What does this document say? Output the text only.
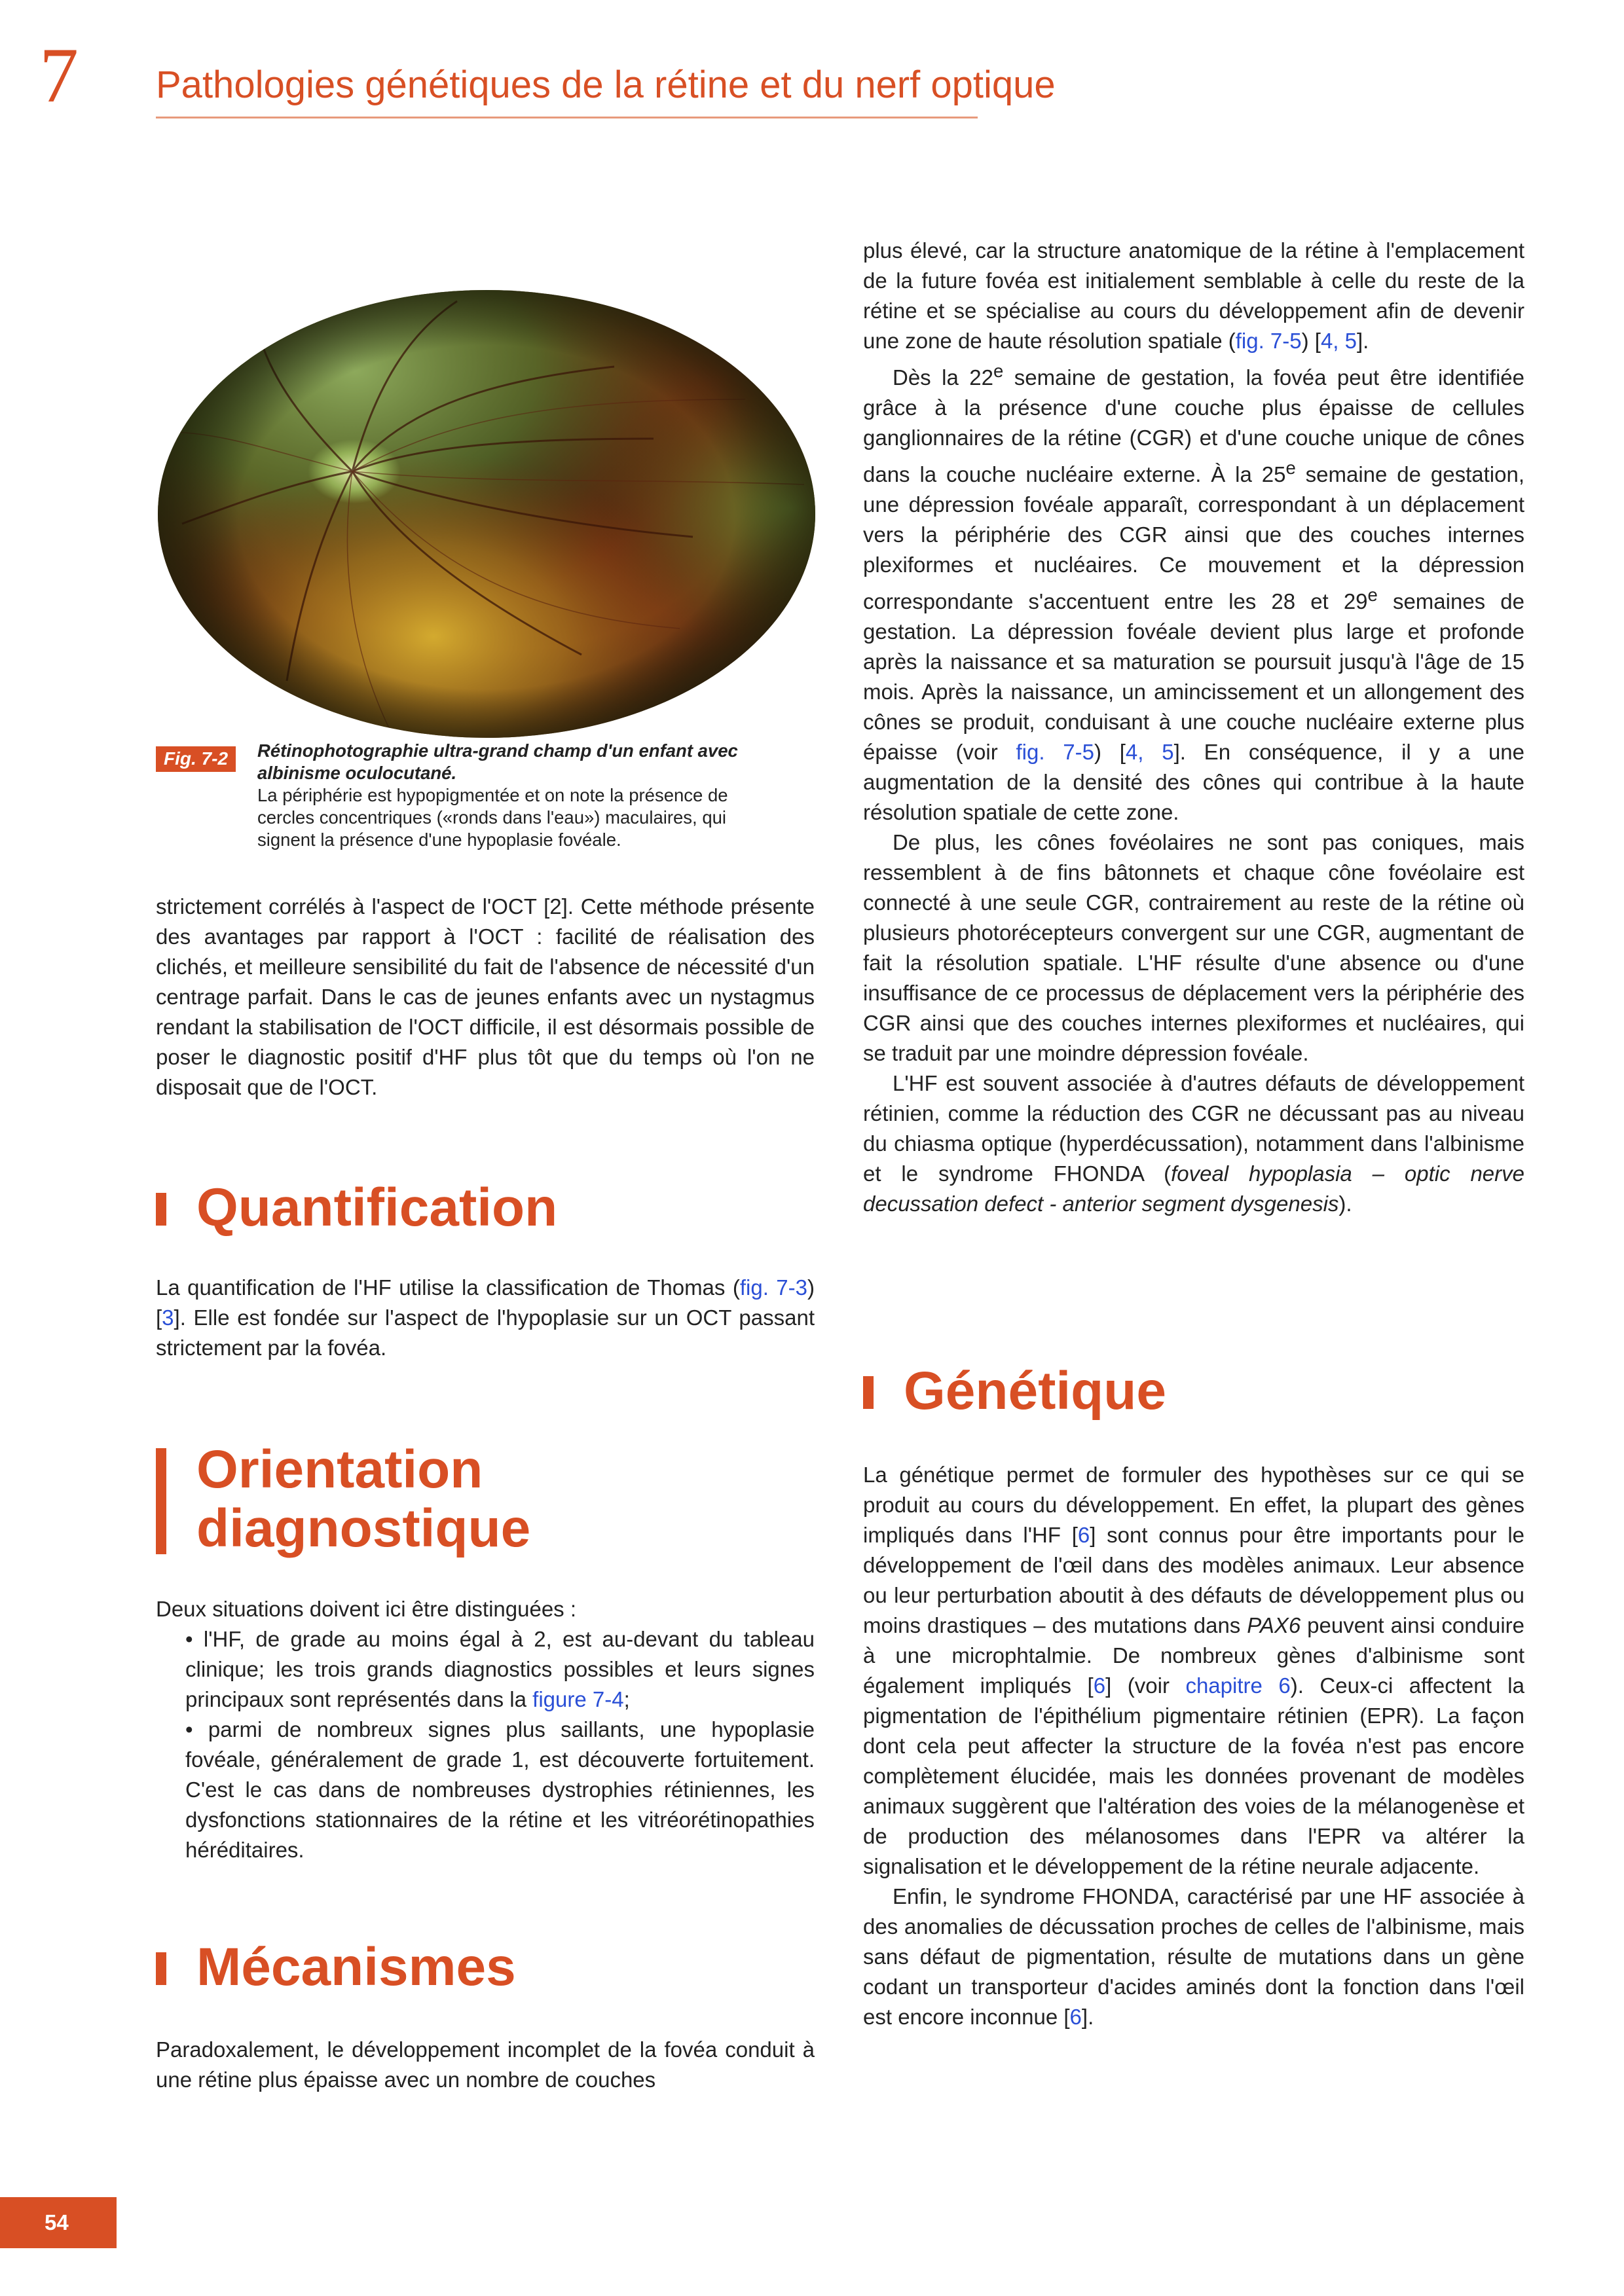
7 Pathologies génétiques de la rétine et du nerf optique
Fig. 7-2	Rétinophotographie ultra-grand champ d'un enfant avec albinisme oculocutané.
La périphérie est hypopigmentée et on note la présence de
cercles concentriques («ronds dans l'eau») maculaires, qui
signent la présence d'une hypoplasie fovéale.

strictement corrélés à l'aspect de l'OCT [2]. Cette méthode présente des avantages par rapport à l'OCT : facilité de réalisation des clichés, et meilleure sensibilité du fait de l'absence de nécessité d'un centrage parfait. Dans le cas de jeunes enfants avec un nystagmus rendant la stabilisation de l'OCT difficile, il est désormais possible de poser le diagnostic positif d'HF plus tôt que du temps où l'on ne disposait que de l'OCT.

Quantification

La quantification de l'HF utilise la classification de Thomas (fig. 7-3) [3]. Elle est fondée sur l'aspect de l'hypoplasie sur un OCT passant strictement par la fovéa.

Orientation
diagnostique

Deux situations doivent ici être distinguées :

• l'HF, de grade au moins égal à 2, est au-devant du tableau clinique; les trois grands diagnostics possibles et leurs signes principaux sont représentés dans la figure 7-4;

• parmi de nombreux signes plus saillants, une hypoplasie fovéale, généralement de grade 1, est découverte fortuitement. C'est le cas dans de nombreuses dystrophies rétiniennes, les dysfonctions stationnaires de la rétine et les vitréorétinopathies héréditaires.

Mécanismes

Paradoxalement, le développement incomplet de la fovéa conduit à une rétine plus épaisse avec un nombre de couches

plus élevé, car la structure anatomique de la rétine à l'emplacement de la future fovéa est initialement semblable à celle du reste de la rétine et se spécialise au cours du développement afin de devenir une zone de haute résolution spatiale (fig. 7-5) [4, 5].

Dès la 22e semaine de gestation, la fovéa peut être identifiée grâce à la présence d'une couche plus épaisse de cellules ganglionnaires de la rétine (CGR) et d'une couche unique de cônes dans la couche nucléaire externe. À la 25e semaine de gestation, une dépression fovéale apparaît, correspondant à un déplacement vers la périphérie des CGR ainsi que des couches internes plexiformes et nucléaires. Ce mouvement et la dépression correspondante s'accentuent entre les 28 et 29e semaines de gestation. La dépression fovéale devient plus large et profonde après la naissance et sa maturation se poursuit jusqu'à l'âge de 15 mois. Après la naissance, un amincissement et un allongement des cônes se produit, conduisant à une couche nucléaire externe plus épaisse (voir fig. 7-5) [4, 5]. En conséquence, il y a une augmentation de la densité des cônes qui contribue à la haute résolution spatiale de cette zone.

De plus, les cônes fovéolaires ne sont pas coniques, mais ressemblent à de fins bâtonnets et chaque cône fovéolaire est connecté à une seule CGR, contrairement au reste de la rétine où plusieurs photorécepteurs convergent sur une CGR, augmentant de fait la résolution spatiale. L'HF résulte d'une absence ou d'une insuffisance de ce processus de déplacement vers la périphérie des CGR ainsi que des couches internes plexiformes et nucléaires, qui se traduit par une moindre dépression fovéale.

L'HF est souvent associée à d'autres défauts de développement rétinien, comme la réduction des CGR ne décussant pas au niveau du chiasma optique (hyperdécussation), notamment dans l'albinisme et le syndrome FHONDA (foveal hypoplasia – optic nerve decussation defect - anterior segment dysgenesis).

Génétique

La génétique permet de formuler des hypothèses sur ce qui se produit au cours du développement. En effet, la plupart des gènes impliqués dans l'HF [6] sont connus pour être importants pour le développement de l'œil dans des modèles animaux. Leur absence ou leur perturbation aboutit à des défauts de développement plus ou moins drastiques – des mutations dans PAX6 peuvent ainsi conduire à une microphtalmie. De nombreux gènes d'albinisme sont également impliqués [6] (voir chapitre 6). Ceux-ci affectent la pigmentation de l'épithélium pigmentaire rétinien (EPR). La façon dont cela peut affecter la structure de la fovéa n'est pas encore complètement élucidée, mais les données provenant de modèles animaux suggèrent que l'altération des voies de la mélanogenèse et de production des mélanosomes dans l'EPR va altérer la signalisation et le développement de la rétine neurale adjacente.

Enfin, le syndrome FHONDA, caractérisé par une HF associée à des anomalies de décussation proches de celles de l'albinisme, mais sans défaut de pigmentation, résulte de mutations dans un gène codant un transporteur d'acides aminés dont la fonction dans l'œil est encore inconnue [6].

54
